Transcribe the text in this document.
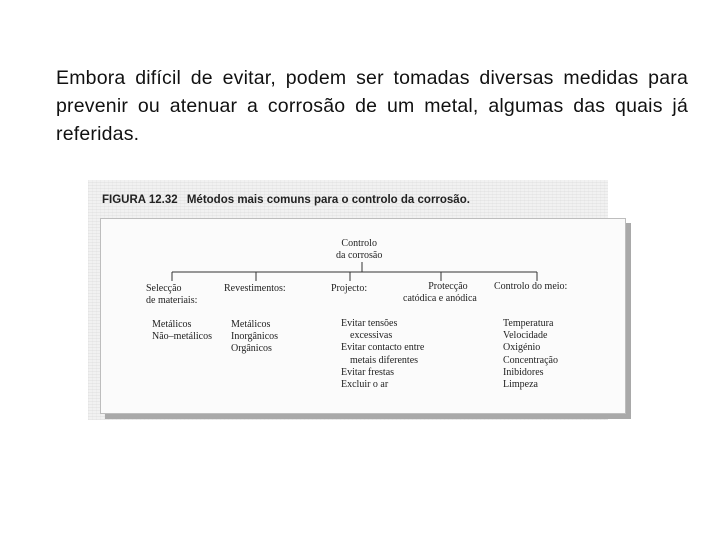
Embora difícil de evitar, podem ser tomadas diversas medidas para prevenir ou atenuar a corrosão de um metal, algumas das quais já referidas.

FIGURA 12.32 Métodos mais comuns para o controlo da corrosão.
Controlo
da corrosão
Selecção
de materiais:
Revestimentos:	Projecto:	Protecção
catódica e anódica
Controlo do meio:
Metálicos
Não–metálicos
Metálicos
Inorgânicos
Orgânicos
Evitar tensões
excessivas
Evitar contacto entre
metais diferentes
Evitar frestas
Excluir o ar
Temperatura
Velocidade
Oxigénio
Concentração
Inibidores
Limpeza
